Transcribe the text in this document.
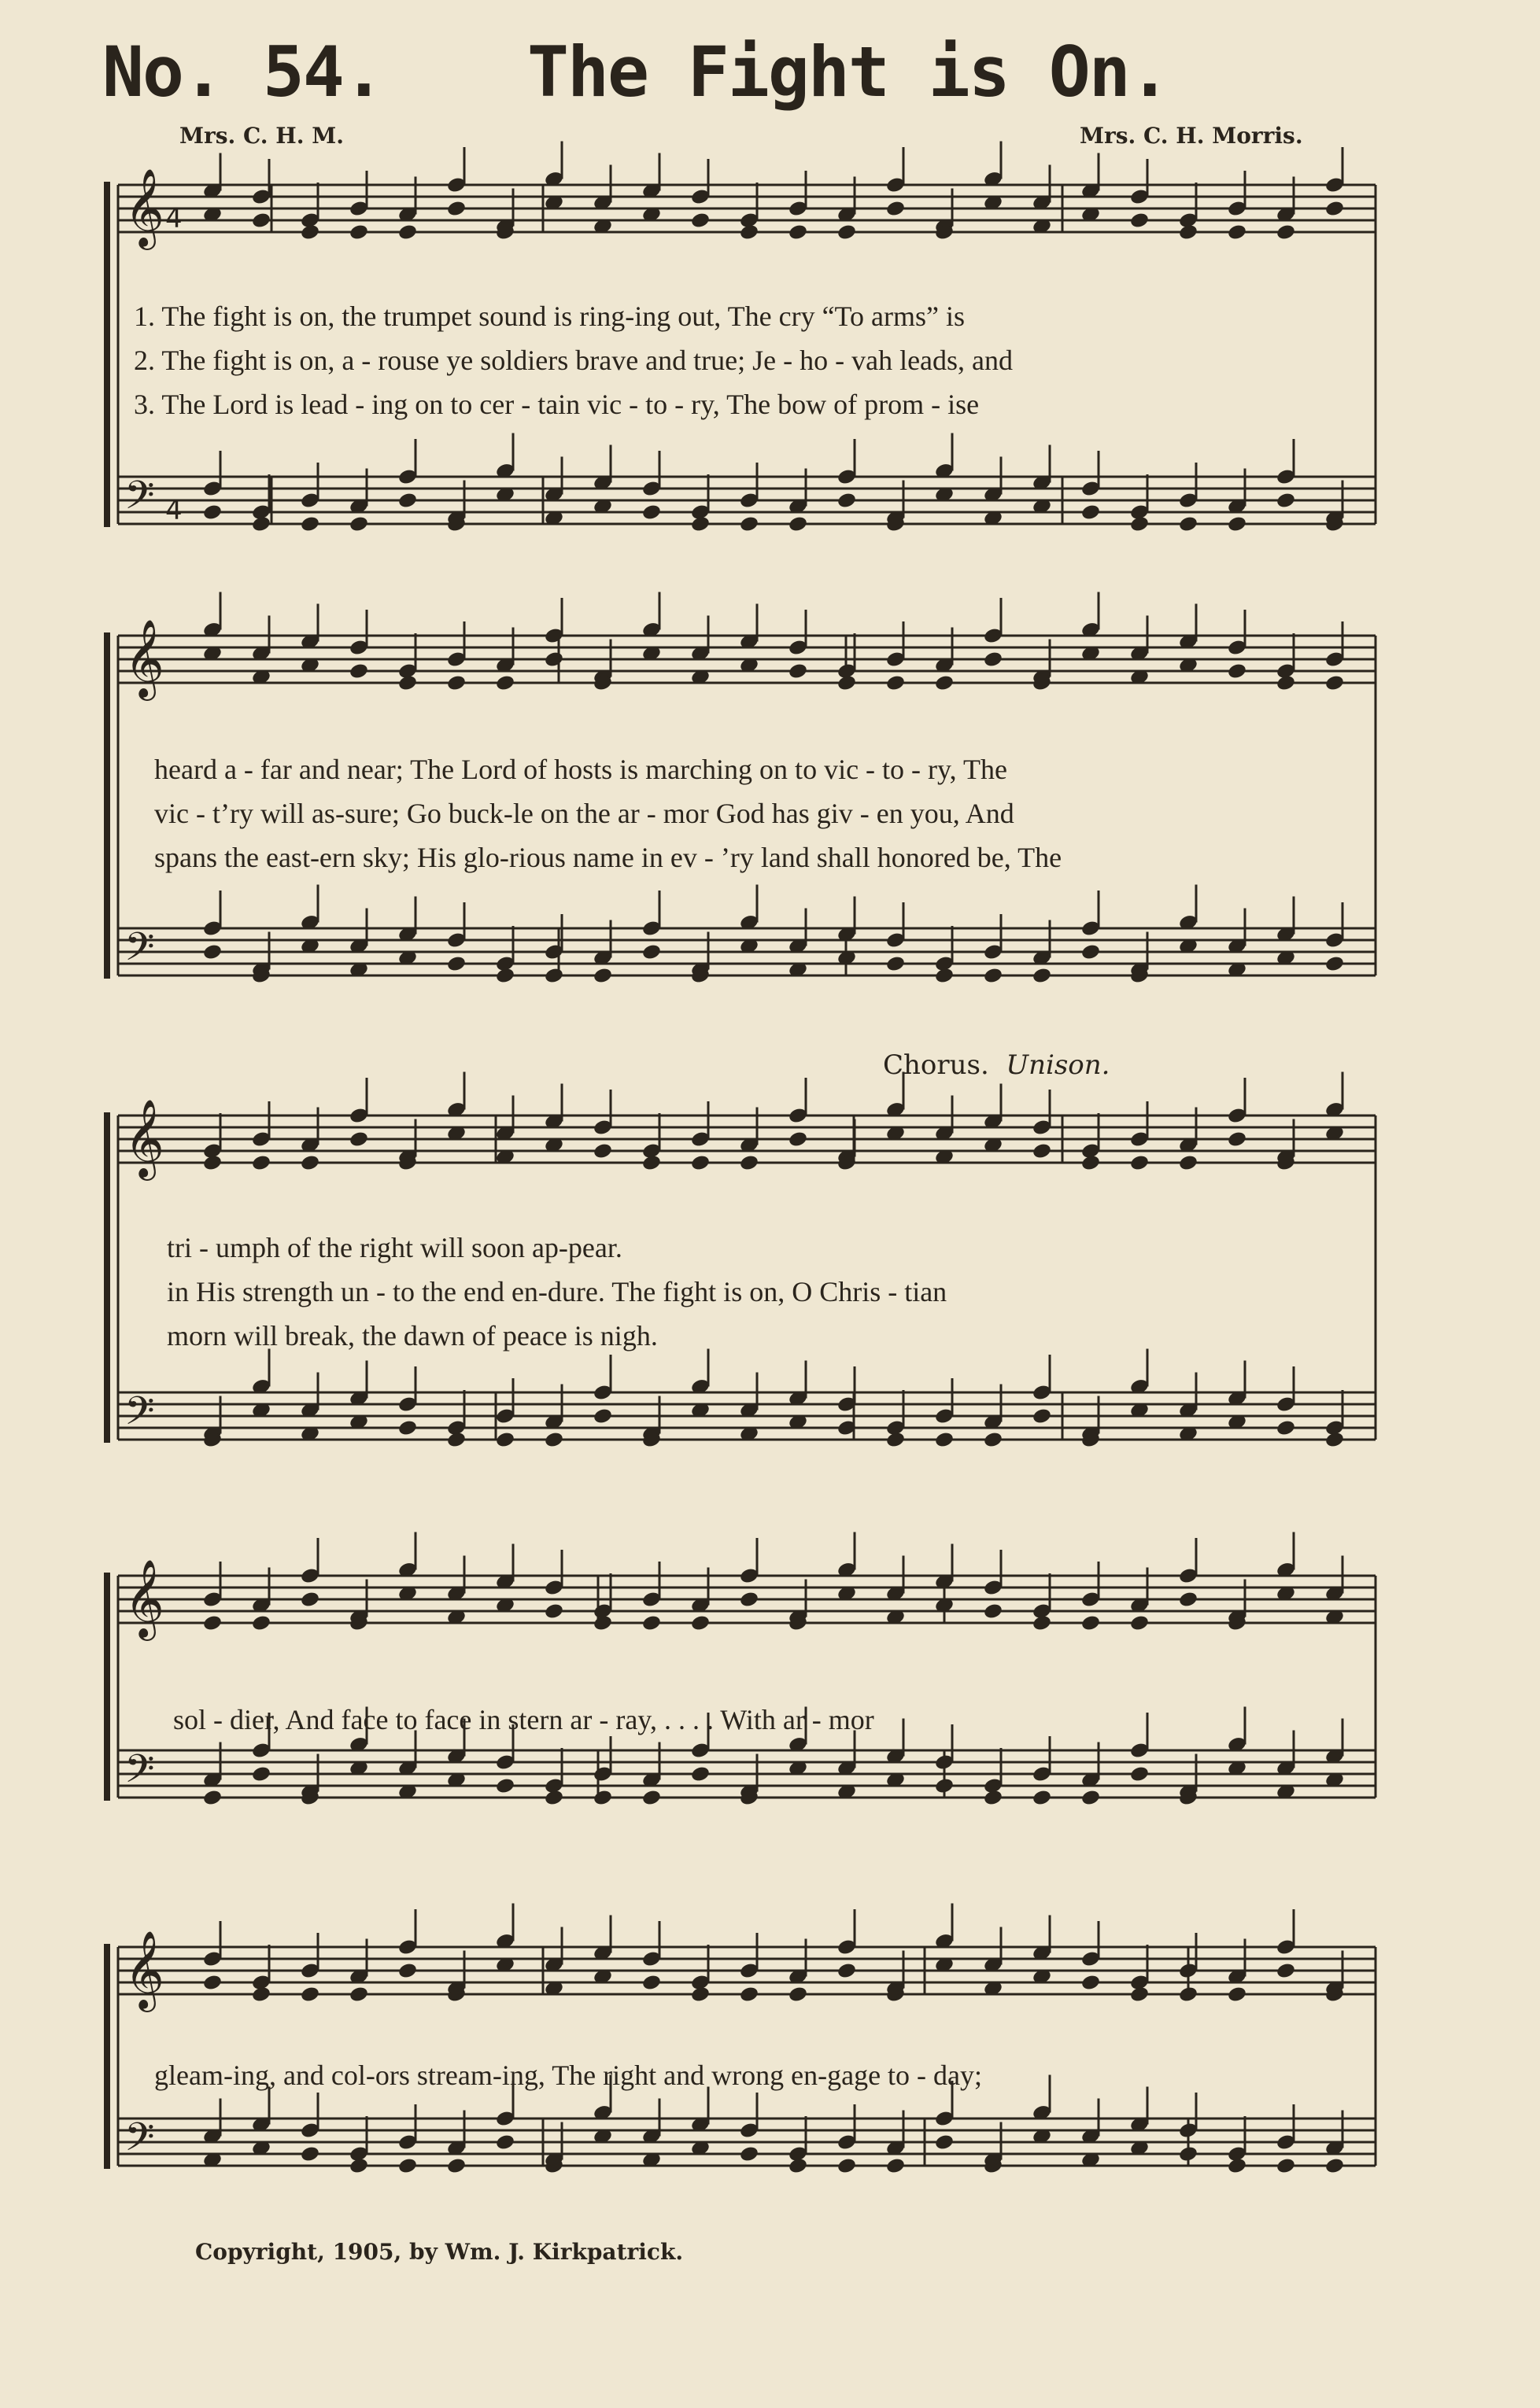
No. 54. The Fight is On.
Mrs. C. H. M.	Mrs. C. H. Morris.
𝄞 4
𝄢 4
𝄞
𝄢
𝄞
𝄢
𝄞
𝄢
𝄞
𝄢
1. The fight is on, the trumpet sound is ring-ing out, The cry “To arms” is
2. The fight is on, a - rouse ye soldiers brave and true; Je - ho - vah leads, and
3. The Lord is lead - ing on to cer - tain vic - to - ry, The bow of prom - ise
heard a - far and near; The Lord of hosts is marching on to vic - to - ry, The
vic - t’ry will as-sure; Go buck-le on the ar - mor God has giv - en you, And
spans the east-ern sky; His glo-rious name in ev - ’ry land shall honored be, The
Chorus. Unison.
tri - umph of the right will soon ap-pear.
in His strength un - to the end en-dure. The fight is on, O Chris - tian
morn will break, the dawn of peace is nigh.
sol - dier, And face to face in stern ar - ray, . . . . With ar - mor
gleam-ing, and col-ors stream-ing, The right and wrong en-gage to - day;
Copyright, 1905, by Wm. J. Kirkpatrick.
